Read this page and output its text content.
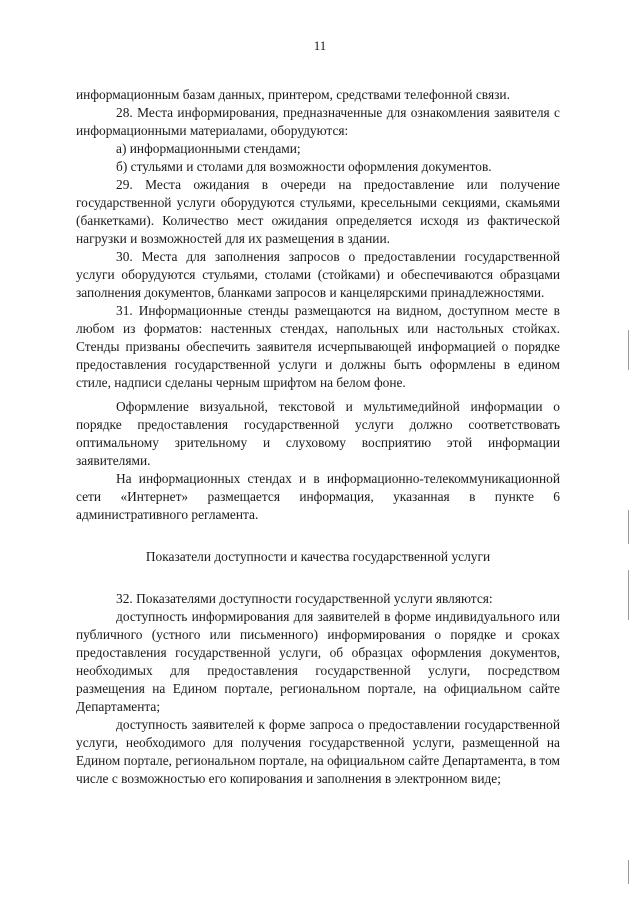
11

информационным базам данных, принтером, средствами телефонной связи.

28. Места информирования, предназначенные для ознакомления заявителя с информационными материалами, оборудуются:

а) информационными стендами;

б) стульями и столами для возможности оформления документов.

29. Места ожидания в очереди на предоставление или получение государственной услуги оборудуются стульями, кресельными секциями, скамьями (банкетками). Количество мест ожидания определяется исходя из фактической нагрузки и возможностей для их размещения в здании.

30. Места для заполнения запросов о предоставлении государственной услуги оборудуются стульями, столами (стойками) и обеспечиваются образцами заполнения документов, бланками запросов и канцелярскими принадлежностями.

31. Информационные стенды размещаются на видном, доступном месте в любом из форматов: настенных стендах, напольных или настольных стойках. Стенды призваны обеспечить заявителя исчерпывающей информацией о порядке предоставления государственной услуги и должны быть оформлены в едином стиле, надписи сделаны черным шрифтом на белом фоне.

Оформление визуальной, текстовой и мультимедийной информации о порядке предоставления государственной услуги должно соответствовать оптимальному зрительному и слуховому восприятию этой информации заявителями.

На информационных стендах и в информационно-телекоммуникационной сети «Интернет» размещается информация, указанная в пункте 6 административного регламента.

Показатели доступности и качества государственной услуги

32. Показателями доступности государственной услуги являются:

доступность информирования для заявителей в форме индивидуального или публичного (устного или письменного) информирования о порядке и сроках предоставления государственной услуги, об образцах оформления документов, необходимых для предоставления государственной услуги, посредством размещения на Едином портале, региональном портале, на официальном сайте Департамента;

доступность заявителей к форме запроса о предоставлении государственной услуги, необходимого для получения государственной услуги, размещенной на Едином портале, региональном портале, на официальном сайте Департамента, в том числе с возможностью его копирования и заполнения в электронном виде;
